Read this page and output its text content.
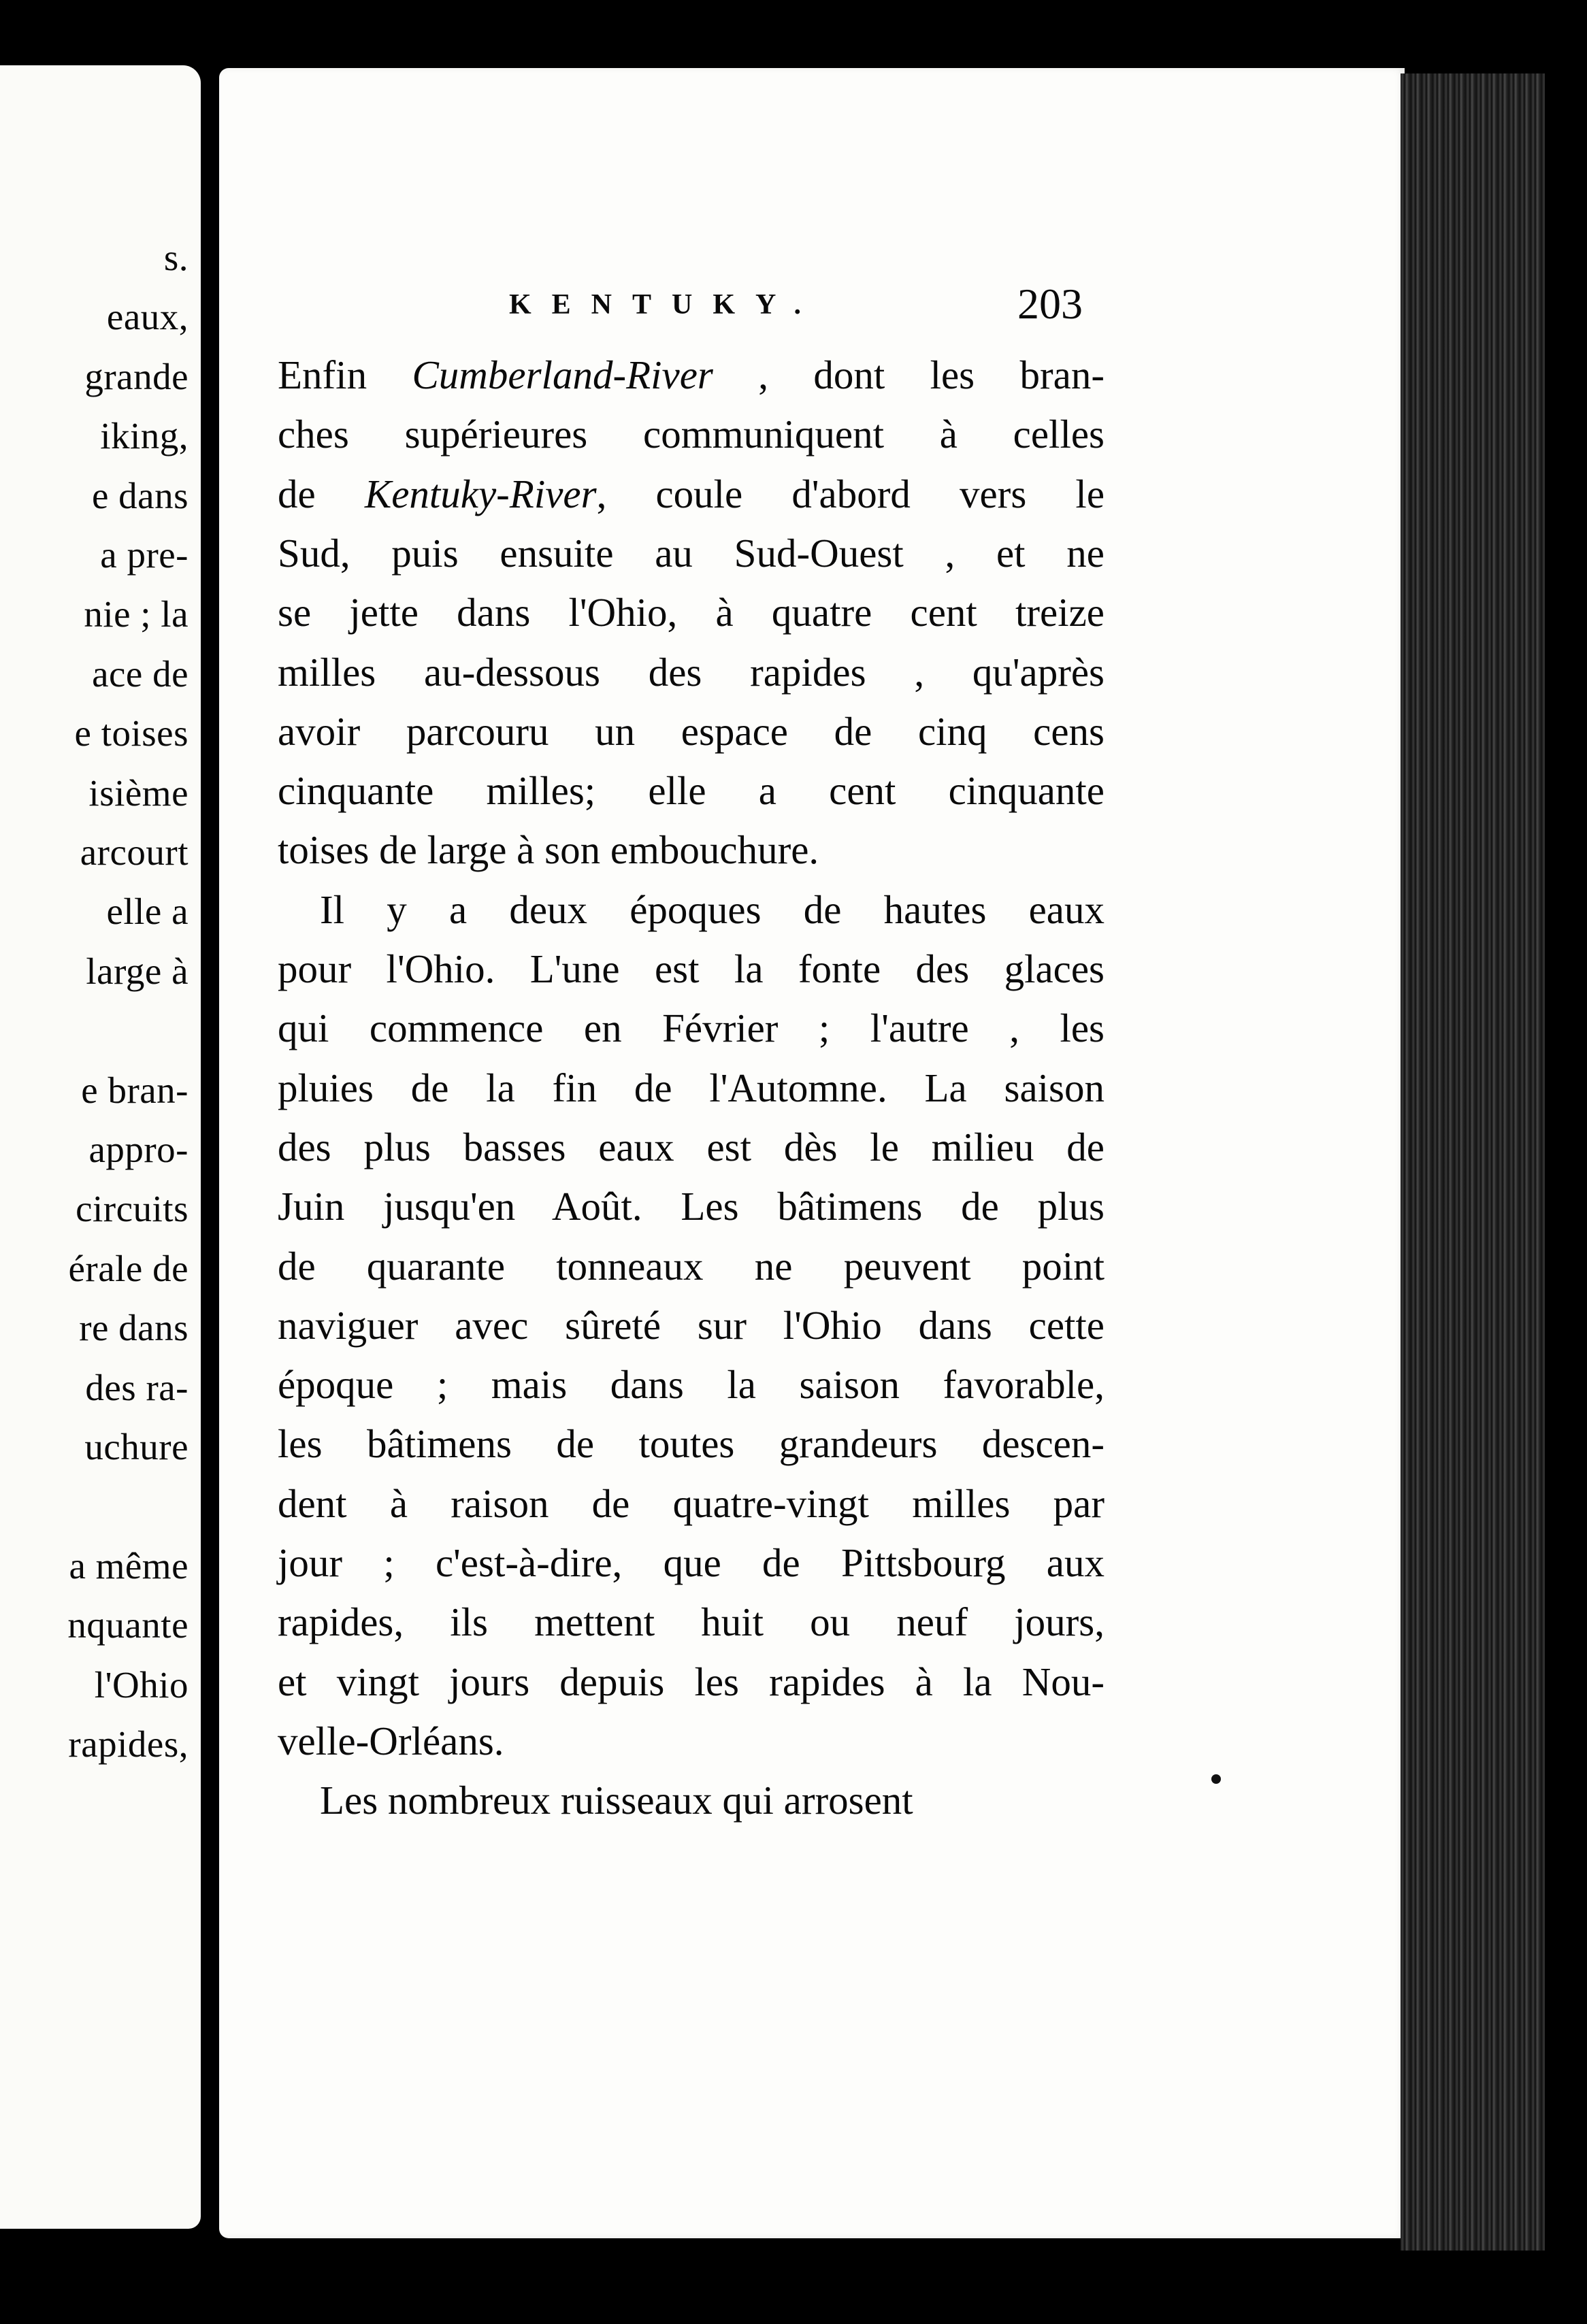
s.
eaux,
grande
iking,
e dans
a pre-
nie ; la
ace de
e toises
isième
arcourt
elle a
large à
e bran-
appro-
circuits
érale de
re dans
des ra-
uchure
a même
nquante
l'Ohio
rapides,
KENTUKY.	203
Enfin Cumberland-River , dont les bran-
ches supérieures communiquent à celles
de Kentuky-River, coule d'abord vers le
Sud, puis ensuite au Sud-Ouest , et ne
se jette dans l'Ohio, à quatre cent treize
milles au-dessous des rapides , qu'après
avoir parcouru un espace de cinq cens
cinquante milles; elle a cent cinquante
toises de large à son embouchure.
Il y a deux époques de hautes eaux
pour l'Ohio. L'une est la fonte des glaces
qui commence en Février ; l'autre , les
pluies de la fin de l'Automne. La saison
des plus basses eaux est dès le milieu de
Juin jusqu'en Août. Les bâtimens de plus
de quarante tonneaux ne peuvent point
naviguer avec sûreté sur l'Ohio dans cette
époque ; mais dans la saison favorable,
les bâtimens de toutes grandeurs descen-
dent à raison de quatre-vingt milles par
jour ; c'est-à-dire, que de Pittsbourg aux
rapides, ils mettent huit ou neuf jours,
et vingt jours depuis les rapides à la Nou-
velle-Orléans.
Les nombreux ruisseaux qui arrosent
